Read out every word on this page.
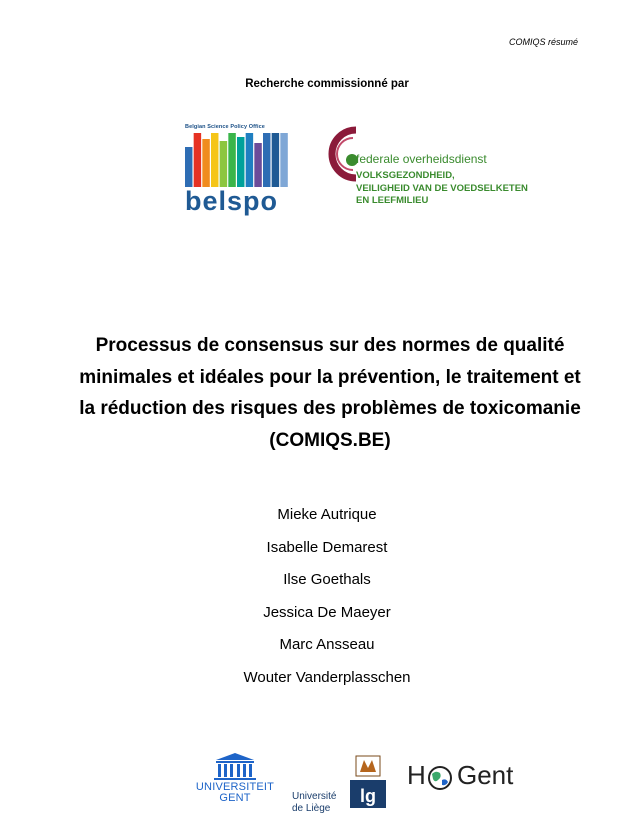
COMIQS résumé
Recherche commissionné par
Belgian Science Policy Office
belspo
federale overheidsdienst
VOLKSGEZONDHEID,
VEILIGHEID VAN DE VOEDSELKETEN
EN LEEFMILIEU
Processus de consensus sur des normes de qualité minimales et idéales pour la prévention, le traitement et la réduction des risques des problèmes de toxicomanie (COMIQS.BE)
Mieke Autrique
Isabelle Demarest
Ilse Goethals
Jessica De Maeyer
Marc Ansseau
Wouter Vanderplasschen
UNIVERSITEIT
GENT	Université
de Liège
lg
H Gent
